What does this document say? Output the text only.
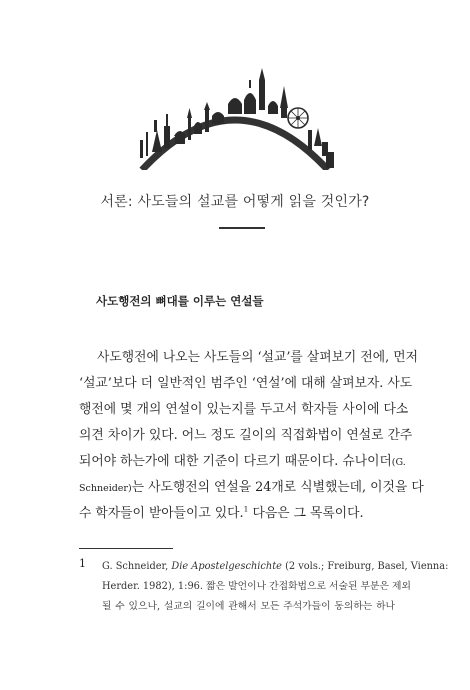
서론: 사도들의 설교를 어떻게 읽을 것인가?
사도행전의 뼈대를 이루는 연설들
사도행전에 나오는 사도들의 ‘설교’를 살펴보기 전에, 먼저
‘설교’보다 더 일반적인 범주인 ‘연설’에 대해 살펴보자. 사도
행전에 몇 개의 연설이 있는지를 두고서 학자들 사이에 다소
의견 차이가 있다. 어느 정도 길이의 직접화법이 연설로 간주
되어야 하는가에 대한 기준이 다르기 때문이다. 슈나이더(G.
Schneider)는 사도행전의 연설을 24개로 식별했는데, 이것을 다
수 학자들이 받아들이고 있다.$^1$ 다음은 그 목록이다.
1 G. Schneider, Die Apostelgeschichte (2 vols.; Freiburg, Basel, Vienna:
Herder. 1982), 1:96. 짧은 발언이나 간접화법으로 서술된 부분은 제외
될 수 있으나, 설교의 길이에 관해서 모든 주석가들이 동의하는 하나
